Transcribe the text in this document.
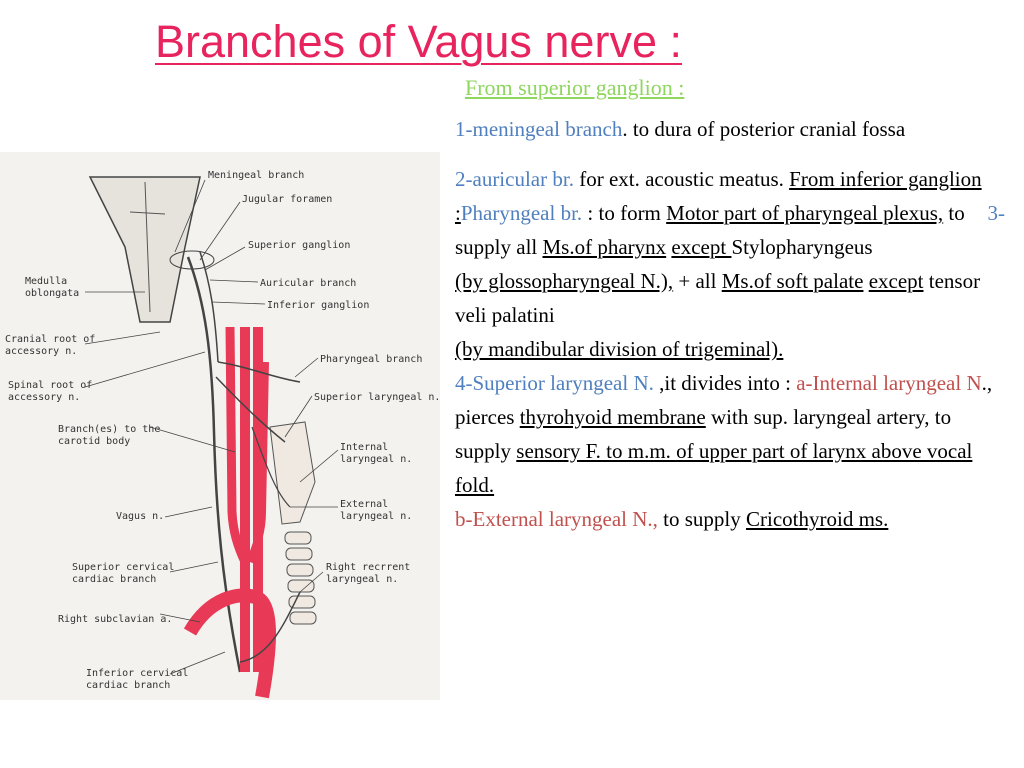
Branches of Vagus nerve :
From superior ganglion :

1-meningeal branch. to dura of posterior cranial fossa

2-auricular br. for ext. acoustic meatus. From inferior ganglion :	3-
Pharyngeal br. : to form Motor part of pharyngeal plexus, to supply all Ms.of pharynx except Stylopharyngeus
(by glossopharyngeal N.), + all Ms.of soft palate except tensor veli palatini
(by mandibular division of trigeminal).
4-Superior laryngeal N. ,it divides into : a-Internal laryngeal N., pierces thyrohyoid membrane with sup. laryngeal artery, to supply sensory F. to m.m. of upper part of larynx above vocal fold.
b-External laryngeal N., to supply Cricothyroid ms.

Meningeal branch
Jugular foramen
Superior ganglion
Medulla
oblongata
Auricular branch
Inferior ganglion
Cranial root of
accessory n.
Pharyngeal branch
Spinal root of
accessory n.	Superior laryngeal n.
Branch(es) to the
carotid body
Internal
laryngeal n.
External
laryngeal n.
Vagus n.
Superior cervical
cardiac branch
Right recrrent
laryngeal n.
Right subclavian a.
Inferior cervical
cardiac branch
